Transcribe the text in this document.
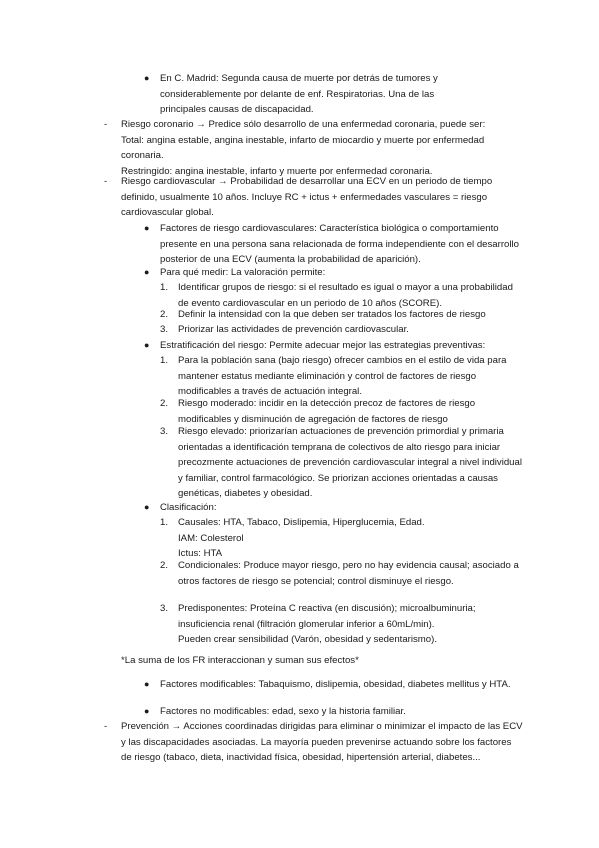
● En C. Madrid: Segunda causa de muerte por detrás de tumores y considerablemente por delante de enf. Respiratorias. Una de las principales causas de discapacidad.

-	Riesgo coronario → Predice sólo desarrollo de una enfermedad coronaria, puede ser:

Total: angina estable, angina inestable, infarto de miocardio y muerte por enfermedad coronaria.

Restringido: angina inestable, infarto y muerte por enfermedad coronaria.

-	Riesgo cardiovascular → Probabilidad de desarrollar una ECV en un periodo de tiempo definido, usualmente 10 años. Incluye RC + ictus + enfermedades vasculares = riesgo cardiovascular global.

● Factores de riesgo cardiovasculares: Característica biológica o comportamiento presente en una persona sana relacionada de forma independiente con el desarrollo posterior de una ECV (aumenta la probabilidad de aparición).

● Para qué medir: La valoración permite:

1. Identificar grupos de riesgo: si el resultado es igual o mayor a una probabilidad de evento cardiovascular en un periodo de 10 años (SCORE).

2. Definir la intensidad con la que deben ser tratados los factores de riesgo

3. Priorizar las actividades de prevención cardiovascular.

● Estratificación del riesgo: Permite adecuar mejor las estrategias preventivas:

1. Para la población sana (bajo riesgo) ofrecer cambios en el estilo de vida para mantener estatus mediante eliminación y control de factores de riesgo modificables a través de actuación integral.

2. Riesgo moderado: incidir en la detección precoz de factores de riesgo modificables y disminución de agregación de factores de riesgo

3. Riesgo elevado: priorizarían actuaciones de prevención primordial y primaria orientadas a identificación temprana de colectivos de alto riesgo para iniciar precozmente actuaciones de prevención cardiovascular integral a nivel individual y familiar, control farmacológico. Se priorizan acciones orientadas a causas genéticas, diabetes y obesidad.

● Clasificación:

1. Causales: HTA, Tabaco, Dislipemia, Hiperglucemia, Edad.

IAM: Colesterol

Ictus: HTA

2. Condicionales: Produce mayor riesgo, pero no hay evidencia causal; asociado a otros factores de riesgo se potencial; control disminuye el riesgo.

3. Predisponentes: Proteína C reactiva (en discusión); microalbuminuria; insuficiencia renal (filtración glomerular inferior a 60mL/min).

Pueden crear sensibilidad (Varón, obesidad y sedentarismo).

*La suma de los FR interaccionan y suman sus efectos*

● Factores modificables: Tabaquismo, dislipemia, obesidad, diabetes mellitus y HTA.

● Factores no modificables: edad, sexo y la historia familiar.

-	Prevención → Acciones coordinadas dirigidas para eliminar o minimizar el impacto de las ECV y las discapacidades asociadas. La mayoría pueden prevenirse actuando sobre los factores de riesgo (tabaco, dieta, inactividad física, obesidad, hipertensión arterial, diabetes...
